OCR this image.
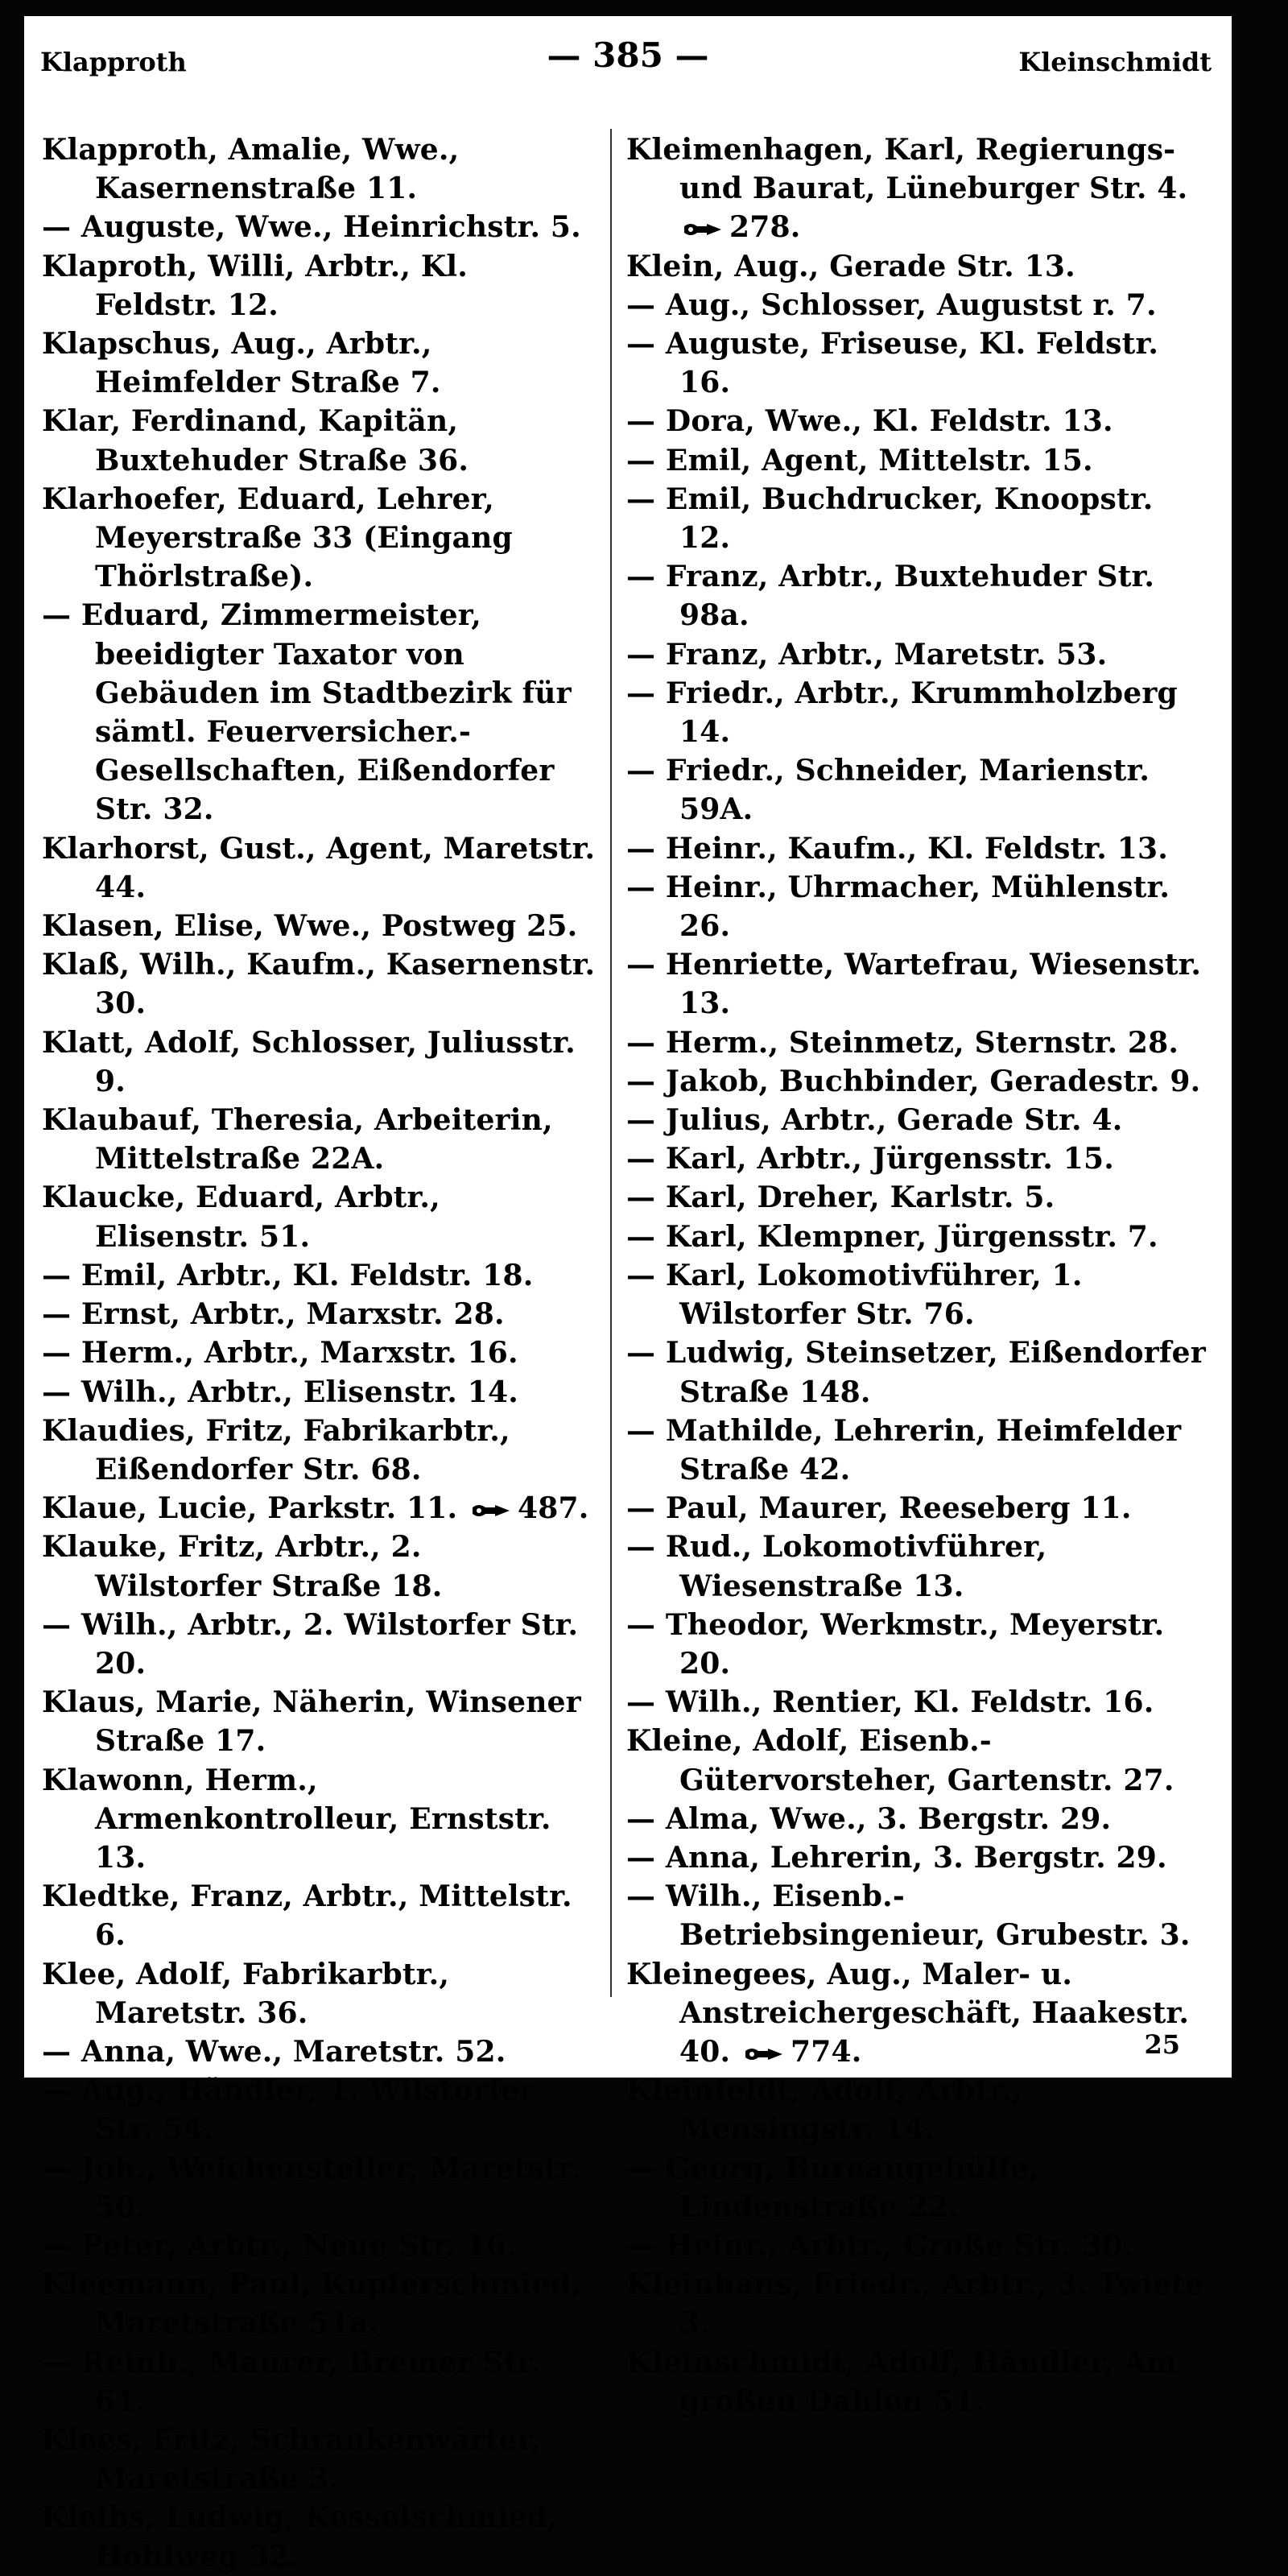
Klapproth	— 385 —	Kleinschmidt
Klapproth, Amalie, Wwe., Kasernenstraße 11.
— Auguste, Wwe., Heinrichstr. 5.
Klaproth, Willi, Arbtr., Kl. Feldstr. 12.
Klapschus, Aug., Arbtr., Heimfelder Straße 7.
Klar, Ferdinand, Kapitän, Buxtehuder Straße 36.
Klarhoefer, Eduard, Lehrer, Meyerstraße 33 (Eingang Thörlstraße).
— Eduard, Zimmermeister, beeidigter Taxator von Gebäuden im Stadtbezirk für sämtl. Feuerversicher.-Gesellschaften, Eißendorfer Str. 32.
Klarhorst, Gust., Agent, Maretstr. 44.
Klasen, Elise, Wwe., Postweg 25.
Klaß, Wilh., Kaufm., Kasernenstr. 30.
Klatt, Adolf, Schlosser, Juliusstr. 9.
Klaubauf, Theresia, Arbeiterin, Mittelstraße 22A.
Klaucke, Eduard, Arbtr., Elisenstr. 51.
— Emil, Arbtr., Kl. Feldstr. 18.
— Ernst, Arbtr., Marxstr. 28.
— Herm., Arbtr., Marxstr. 16.
— Wilh., Arbtr., Elisenstr. 14.
Klaudies, Fritz, Fabrikarbtr., Eißendorfer Str. 68.
Klaue, Lucie, Parkstr. 11. 487.
Klauke, Fritz, Arbtr., 2. Wilstorfer Straße 18.
— Wilh., Arbtr., 2. Wilstorfer Str. 20.
Klaus, Marie, Näherin, Winsener Straße 17.
Klawonn, Herm., Armenkontrolleur, Ernststr. 13.
Kledtke, Franz, Arbtr., Mittelstr. 6.
Klee, Adolf, Fabrikarbtr., Maretstr. 36.
— Anna, Wwe., Maretstr. 52.
— Aug., Händler, 1. Wilstorfer Str. 54.
— Joh., Weichensteller, Maretstr. 50.
— Peter, Arbtr., Neue Str. 16.
Kleemann, Paul, Kupferschmied, Maretstraße 51a.
— Reinh., Maurer, Bremer Str. 61.
Klees, Fritz, Schrankenwärter, Maretstraße 3.
Kleibs, Ludwig, Kesselschmied, Hohlweg 32.
Kleimenhagen, Karl, Regierungs- und Baurat, Lüneburger Str. 4. 278.
Klein, Aug., Gerade Str. 13.
— Aug., Schlosser, Augustst r. 7.
— Auguste, Friseuse, Kl. Feldstr. 16.
— Dora, Wwe., Kl. Feldstr. 13.
— Emil, Agent, Mittelstr. 15.
— Emil, Buchdrucker, Knoopstr. 12.
— Franz, Arbtr., Buxtehuder Str. 98a.
— Franz, Arbtr., Maretstr. 53.
— Friedr., Arbtr., Krummholzberg 14.
— Friedr., Schneider, Marienstr. 59A.
— Heinr., Kaufm., Kl. Feldstr. 13.
— Heinr., Uhrmacher, Mühlenstr. 26.
— Henriette, Wartefrau, Wiesenstr. 13.
— Herm., Steinmetz, Sternstr. 28.
— Jakob, Buchbinder, Geradestr. 9.
— Julius, Arbtr., Gerade Str. 4.
— Karl, Arbtr., Jürgensstr. 15.
— Karl, Dreher, Karlstr. 5.
— Karl, Klempner, Jürgensstr. 7.
— Karl, Lokomotivführer, 1. Wilstorfer Str. 76.
— Ludwig, Steinsetzer, Eißendorfer Straße 148.
— Mathilde, Lehrerin, Heimfelder Straße 42.
— Paul, Maurer, Reeseberg 11.
— Rud., Lokomotivführer, Wiesenstraße 13.
— Theodor, Werkmstr., Meyerstr. 20.
— Wilh., Rentier, Kl. Feldstr. 16.
Kleine, Adolf, Eisenb.-Gütervorsteher, Gartenstr. 27.
— Alma, Wwe., 3. Bergstr. 29.
— Anna, Lehrerin, 3. Bergstr. 29.
— Wilh., Eisenb.-Betriebsingenieur, Grubestr. 3.
Kleinegees, Aug., Maler- u. Anstreichergeschäft, Haakestr. 40. 774.
Kleinfeldt, Adolf, Arbtr., Mensingstr. 14.
— Georg, Bureaugehülfe, Lindenstraße 22.
— Heinr., Arbtr., Große Str. 30.
Kleinhans, Friedr., Arbtr., 3. Twiete 3.
Kleinschmidt, Adolf, Händler, Am großen Dahlen 51.
25
